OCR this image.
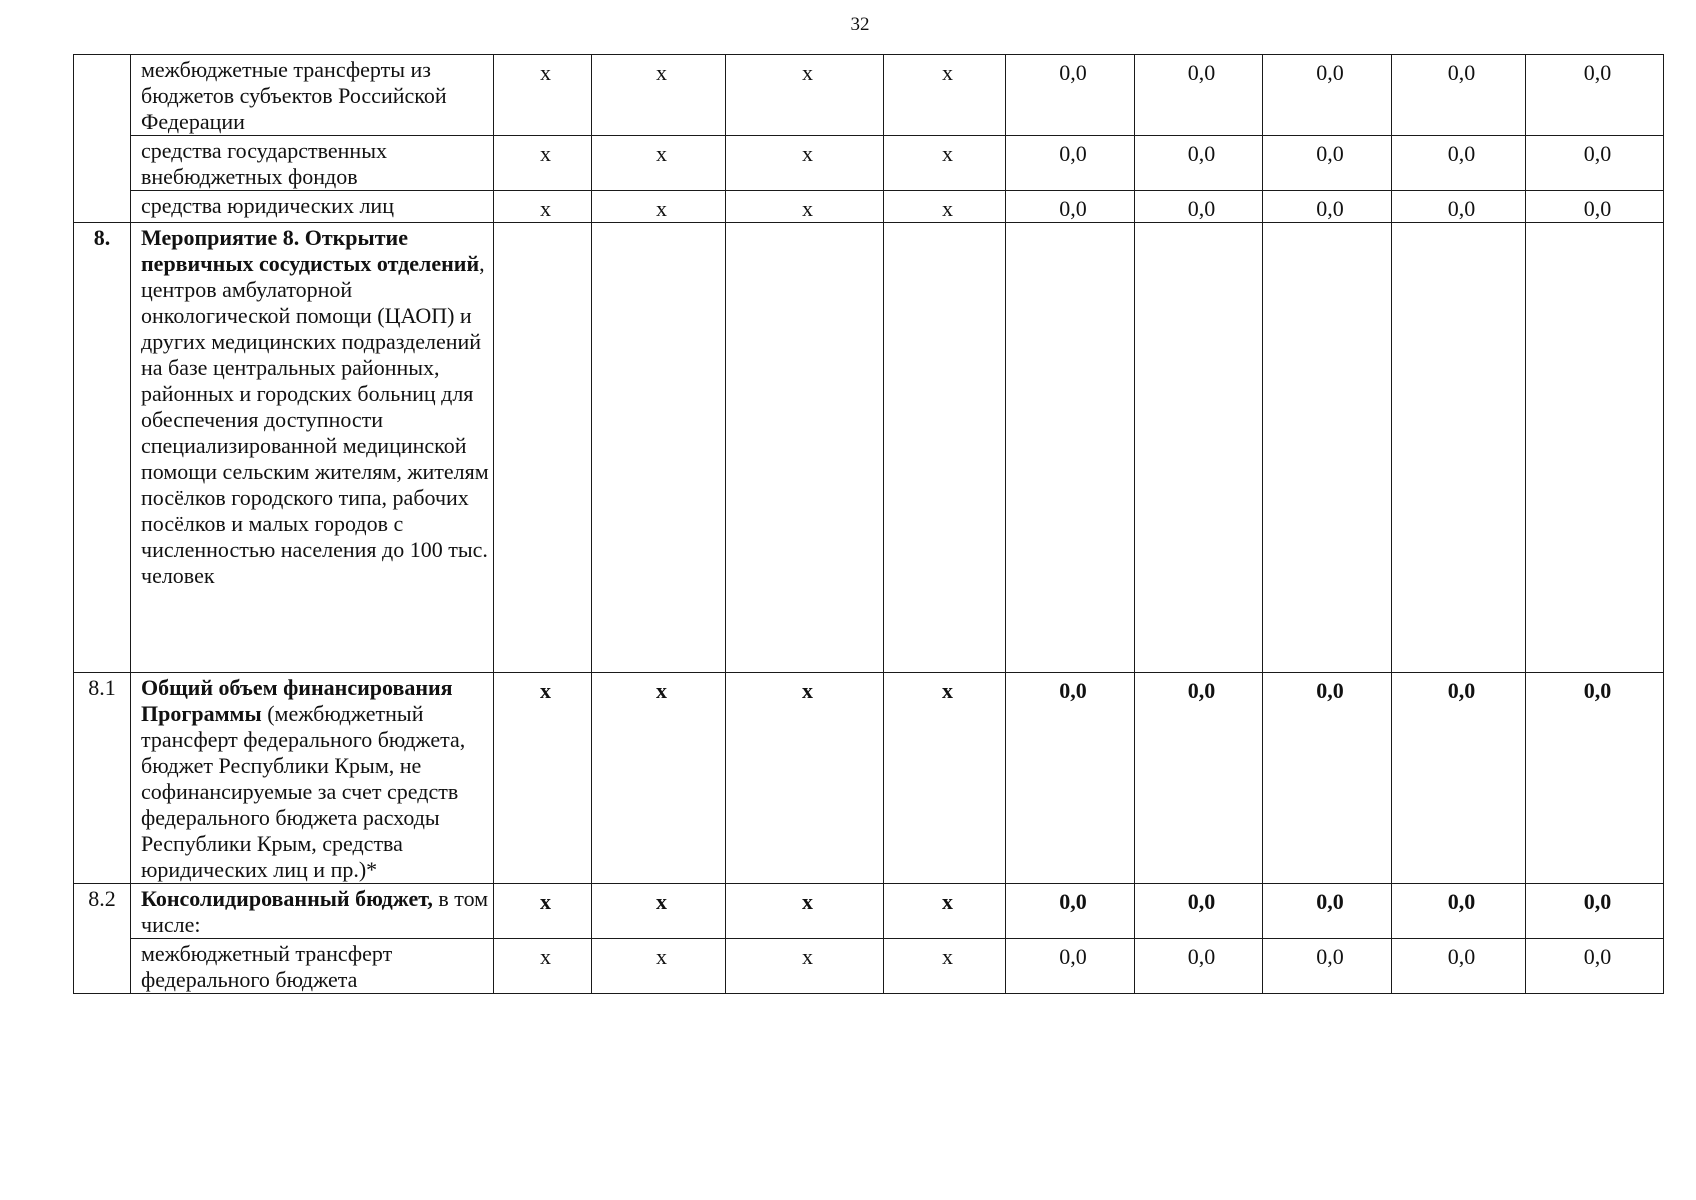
32
	межбюджетные трансферты из бюджетов субъектов Российской Федерации	х	х	х	х	0,0	0,0	0,0	0,0	0,0
	средства государственных внебюджетных фондов	х	х	х	х	0,0	0,0	0,0	0,0	0,0
	средства юридических лиц	х	х	х	х	0,0	0,0	0,0	0,0	0,0
8.	Мероприятие 8. Открытие первичных сосудистых отделений, центров амбулаторной онкологической помощи (ЦАОП) и других медицинских подразделений на базе центральных районных, районных и городских больниц для обеспечения доступности специализированной медицинской помощи сельским жителям, жителям посёлков городского типа, рабочих посёлков и малых городов с численностью населения до 100 тыс. человек									
8.1	Общий объем финансирования Программы (межбюджетный трансферт федерального бюджета, бюджет Республики Крым, не софинансируемые за счет средств федерального бюджета расходы Республики Крым, средства юридических лиц и пр.)*	х	х	х	х	0,0	0,0	0,0	0,0	0,0
8.2	Консолидированный бюджет, в том числе:	х	х	х	х	0,0	0,0	0,0	0,0	0,0
	межбюджетный трансферт федерального бюджета	х	х	х	х	0,0	0,0	0,0	0,0	0,0
